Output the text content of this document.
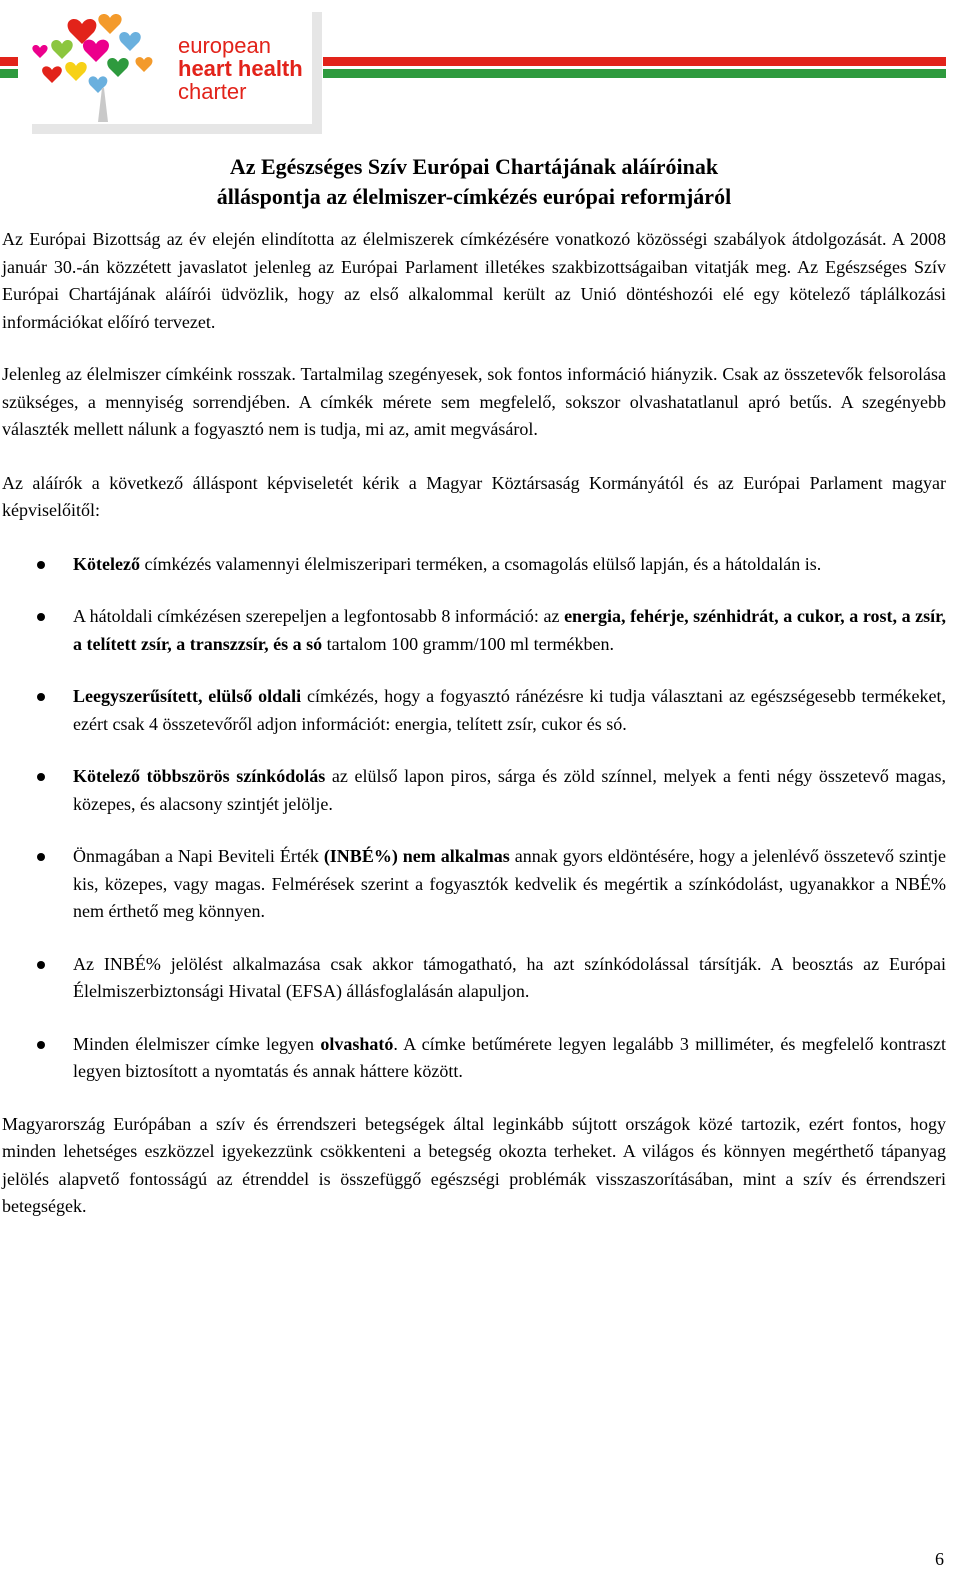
european
heart health
charter
Az Egészséges Szív Európai Chartájának aláíróinak
álláspontja az élelmiszer-címkézés európai reformjáról

Az Európai Bizottság az év elején elindította az élelmiszerek címkézésére vonatkozó közösségi szabályok átdolgozását. A 2008 január 30.-án közzétett javaslatot jelenleg az Európai Parlament illetékes szakbizottságaiban vitatják meg. Az Egészséges Szív Európai Chartájának aláírói üdvözlik, hogy az első alkalommal került az Unió döntéshozói elé egy kötelező táplálkozási információkat előíró tervezet.

Jelenleg az élelmiszer címkéink rosszak. Tartalmilag szegényesek, sok fontos információ hiányzik. Csak az összetevők felsorolása szükséges, a mennyiség sorrendjében. A címkék mérete sem megfelelő, sokszor olvashatatlanul apró betűs. A szegényebb választék mellett nálunk a fogyasztó nem is tudja, mi az, amit megvásárol.

Az aláírók a következő álláspont képviseletét kérik a Magyar Köztársaság Kormányától és az Európai Parlament magyar képviselőitől:

Kötelező címkézés valamennyi élelmiszeripari terméken, a csomagolás elülső lapján, és a hátoldalán is.
A hátoldali címkézésen szerepeljen a legfontosabb 8 információ: az energia, fehérje, szénhidrát, a cukor, a rost, a zsír, a telített zsír, a transzzsír, és a só tartalom 100 gramm/100 ml termékben.
Leegyszerűsített, elülső oldali címkézés, hogy a fogyasztó ránézésre ki tudja választani az egészségesebb termékeket, ezért csak 4 összetevőről adjon információt: energia, telített zsír, cukor és só.
Kötelező többszörös színkódolás az elülső lapon piros, sárga és zöld színnel, melyek a fenti négy összetevő magas, közepes, és alacsony szintjét jelölje.
Önmagában a Napi Beviteli Érték (INBÉ%) nem alkalmas annak gyors eldöntésére, hogy a jelenlévő összetevő szintje kis, közepes, vagy magas. Felmérések szerint a fogyasztók kedvelik és megértik a színkódolást, ugyanakkor a NBÉ% nem érthető meg könnyen.
Az INBÉ% jelölést alkalmazása csak akkor támogatható, ha azt színkódolással társítják. A beosztás az Európai Élelmiszerbiztonsági Hivatal (EFSA) állásfoglalásán alapuljon.
Minden élelmiszer címke legyen olvasható. A címke betűmérete legyen legalább 3 milliméter, és megfelelő kontraszt legyen biztosított a nyomtatás és annak háttere között.

Magyarország Európában a szív és érrendszeri betegségek által leginkább sújtott országok közé tartozik, ezért fontos, hogy minden lehetséges eszközzel igyekezzünk csökkenteni a betegség okozta terheket. A világos és könnyen megérthető tápanyag jelölés alapvető fontosságú az étrenddel is összefüggő egészségi problémák visszaszorításában, mint a szív és érrendszeri betegségek.

6
